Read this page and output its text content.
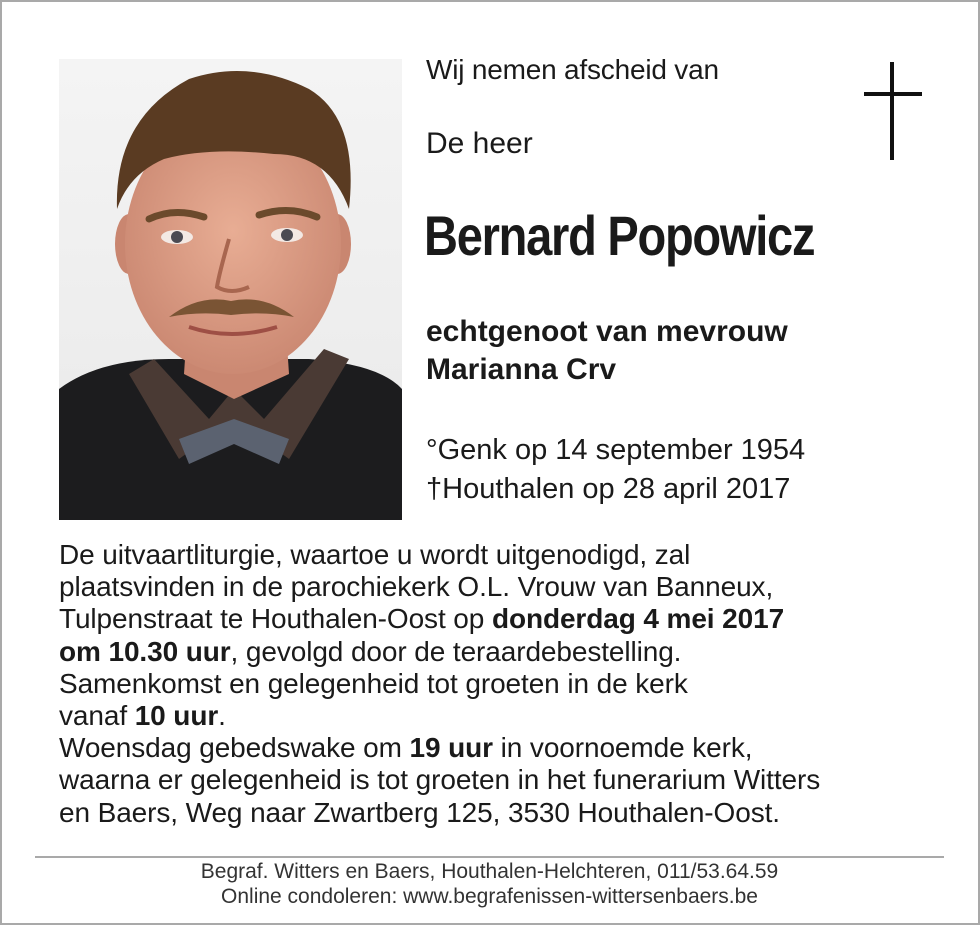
Wij nemen afscheid van
De heer
Bernard Popowicz
echtgenoot van mevrouw
Marianna Crv
°Genk op 14 september 1954
†Houthalen op 28 april 2017
De uitvaartliturgie, waartoe u wordt uitgenodigd, zal
plaatsvinden in de parochiekerk O.L. Vrouw van Banneux,
Tulpenstraat te Houthalen-Oost op donderdag 4 mei 2017
om 10.30 uur, gevolgd door de teraardebestelling.
Samenkomst en gelegenheid tot groeten in de kerk
vanaf 10 uur.
Woensdag gebedswake om 19 uur in voornoemde kerk,
waarna er gelegenheid is tot groeten in het funerarium Witters
en Baers, Weg naar Zwartberg 125, 3530 Houthalen-Oost.
Begraf. Witters en Baers, Houthalen-Helchteren, 011/53.64.59
Online condoleren: www.begrafenissen-wittersenbaers.be
